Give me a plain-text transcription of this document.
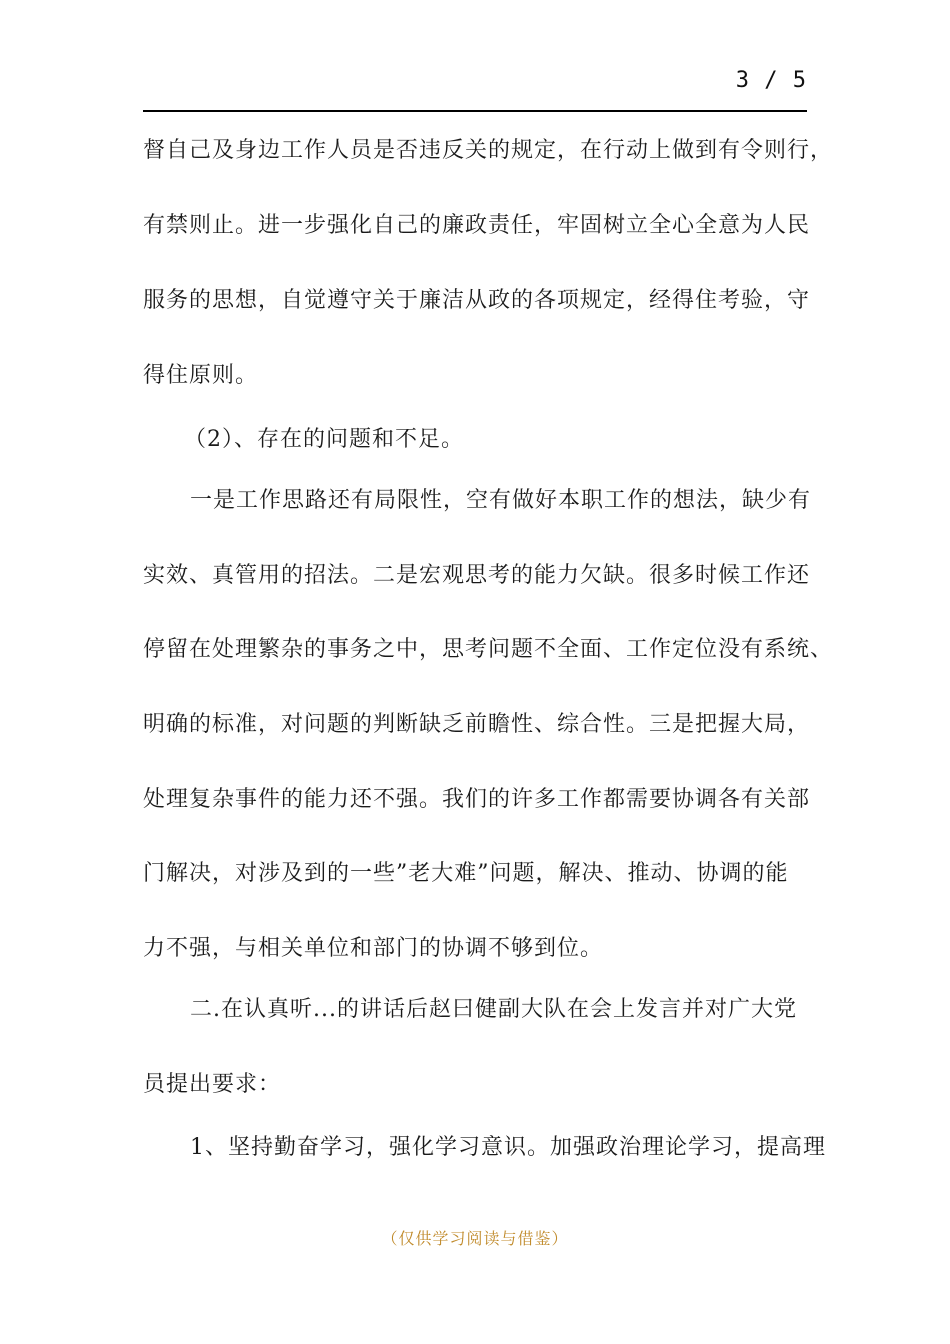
3 / 5
督自己及身边工作人员是否违反关的规定，在行动上做到有令则行，
有禁则止。进一步强化自己的廉政责任，牢固树立全心全意为人民
服务的思想，自觉遵守关于廉洁从政的各项规定，经得住考验，守
得住原则。
（2）、存在的问题和不足。
一是工作思路还有局限性，空有做好本职工作的想法，缺少有
实效、真管用的招法。二是宏观思考的能力欠缺。很多时候工作还
停留在处理繁杂的事务之中，思考问题不全面、工作定位没有系统、
明确的标准，对问题的判断缺乏前瞻性、综合性。三是把握大局，
处理复杂事件的能力还不强。我们的许多工作都需要协调各有关部
门解决，对涉及到的一些”老大难”问题，解决、推动、协调的能
力不强，与相关单位和部门的协调不够到位。
二.在认真听...的讲话后赵曰健副大队在会上发言并对广大党
员提出要求：
1、坚持勤奋学习，强化学习意识。加强政治理论学习，提高理
（仅供学习阅读与借鉴）
